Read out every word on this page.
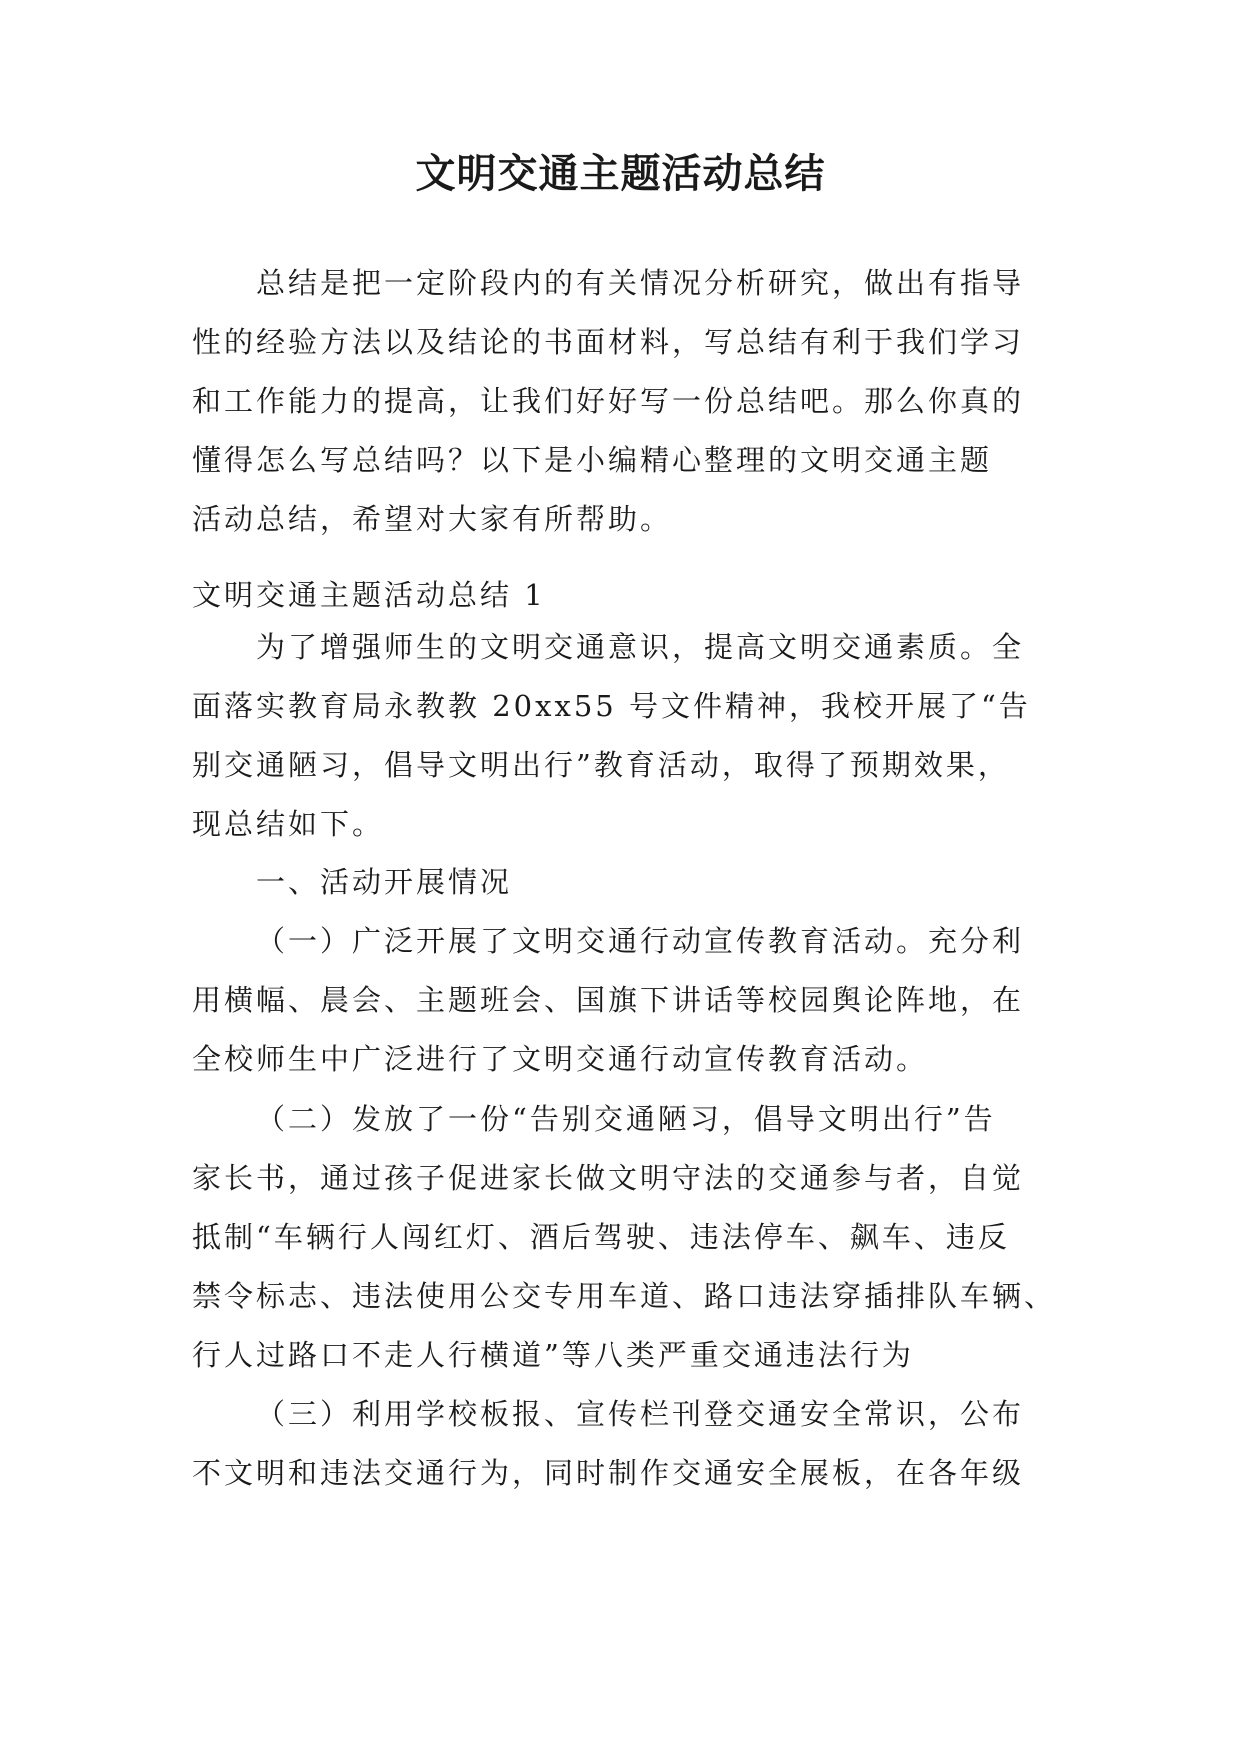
文明交通主题活动总结
总结是把一定阶段内的有关情况分析研究，做出有指导
性的经验方法以及结论的书面材料，写总结有利于我们学习
和工作能力的提高，让我们好好写一份总结吧。那么你真的
懂得怎么写总结吗？以下是小编精心整理的文明交通主题
活动总结，希望对大家有所帮助。
文明交通主题活动总结 1
为了增强师生的文明交通意识，提高文明交通素质。全
面落实教育局永教教 20xx55 号文件精神，我校开展了“告
别交通陋习，倡导文明出行”教育活动，取得了预期效果，
现总结如下。
一、活动开展情况
（一）广泛开展了文明交通行动宣传教育活动。充分利
用横幅、晨会、主题班会、国旗下讲话等校园舆论阵地，在
全校师生中广泛进行了文明交通行动宣传教育活动。
（二）发放了一份“告别交通陋习，倡导文明出行”告
家长书，通过孩子促进家长做文明守法的交通参与者，自觉
抵制“车辆行人闯红灯、酒后驾驶、违法停车、飙车、违反
禁令标志、违法使用公交专用车道、路口违法穿插排队车辆、
行人过路口不走人行横道”等八类严重交通违法行为
（三）利用学校板报、宣传栏刊登交通安全常识，公布
不文明和违法交通行为，同时制作交通安全展板，在各年级
